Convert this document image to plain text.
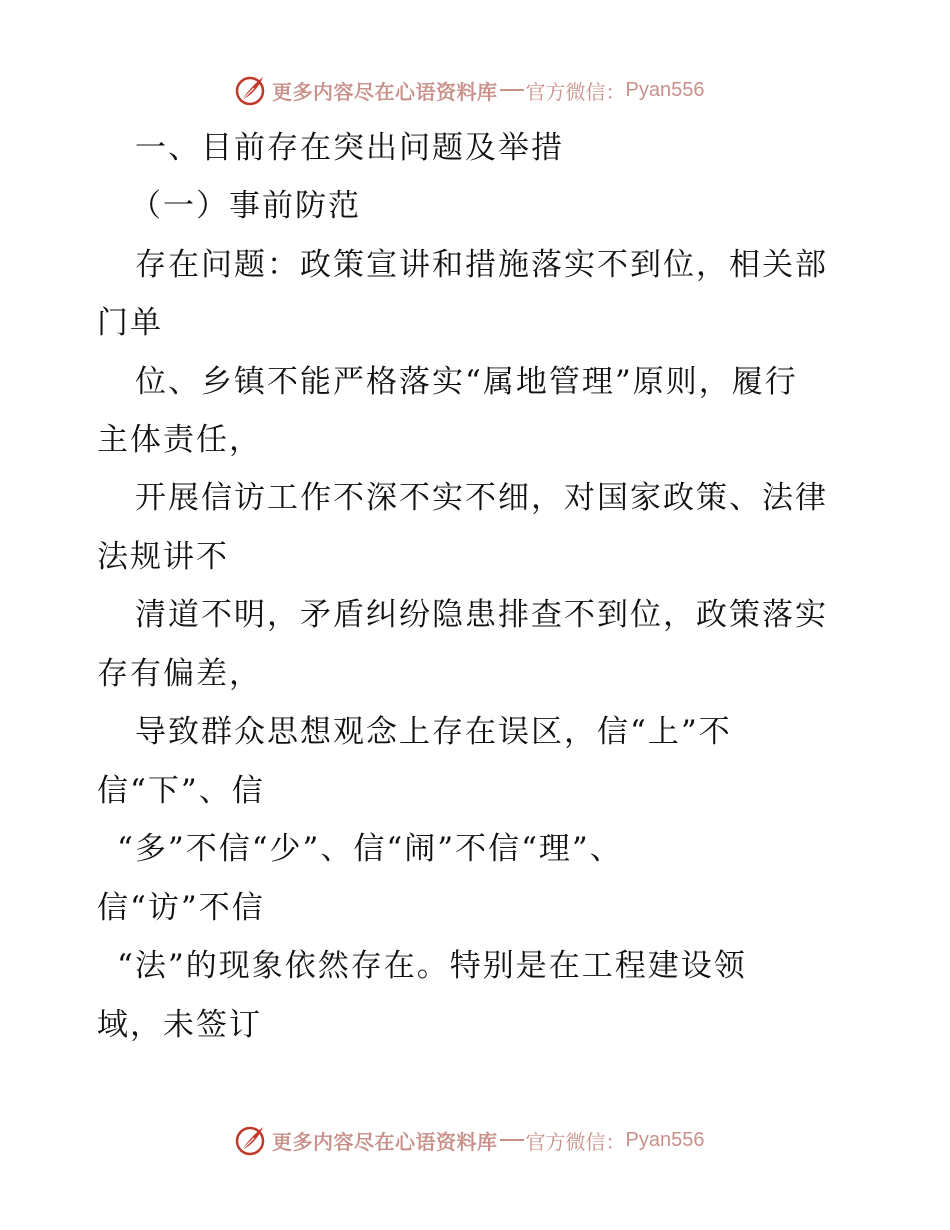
更多内容尽在心语资料库 官方微信： Pyan556
一、目前存在突出问题及举措
（一）事前防范
存在问题：政策宣讲和措施落实不到位，相关部
门单
位、乡镇不能严格落实“属地管理”原则，履行
主体责任，
开展信访工作不深不实不细，对国家政策、法律
法规讲不
清道不明，矛盾纠纷隐患排查不到位，政策落实
存有偏差，
导致群众思想观念上存在误区，信“上”不
信“下”、信
“多”不信“少”、信“闹”不信“理”、
信“访”不信
“法”的现象依然存在。特别是在工程建设领
域，未签订
更多内容尽在心语资料库 官方微信： Pyan556
